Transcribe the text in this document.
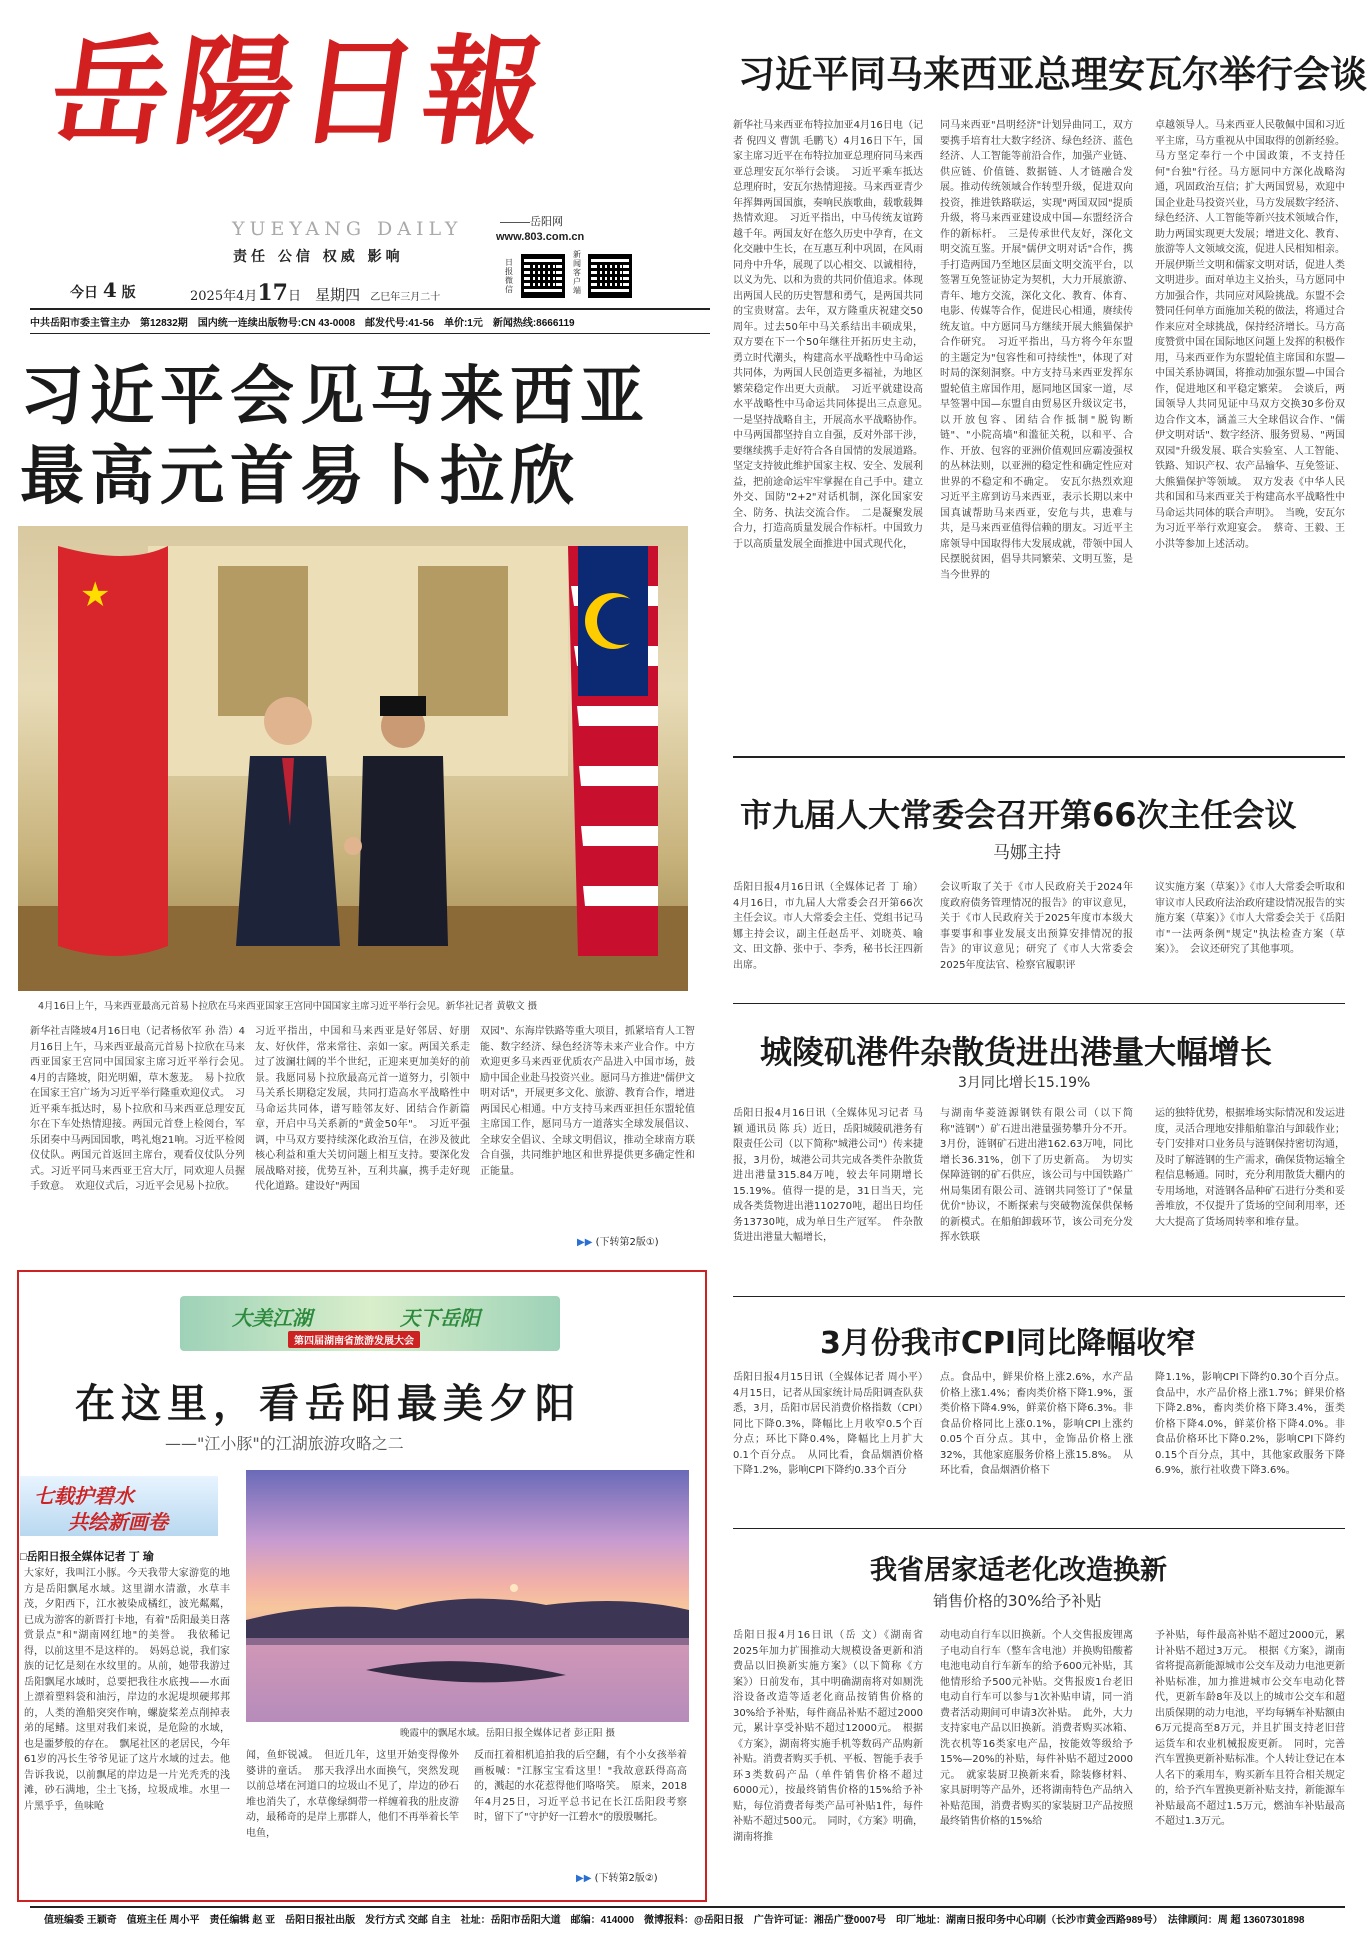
岳陽日報
YUEYANG DAILY
责任 公信 权威 影响
岳阳网
www.803.com.cn
日报微信
新闻客户端
今日 4 版	2025年4月17日 星期四 乙巳年三月二十
中共岳阳市委主管主办　第12832期　国内统一连续出版物号:CN 43-0008　邮发代号:41-56　单价:1元　新闻热线:8666119
习近平会见马来西亚
最高元首易卜拉欣
★
4月16日上午，马来西亚最高元首易卜拉欣在马来西亚国家王宫同中国国家主席习近平举行会见。新华社记者 黄敬文 摄
新华社吉隆坡4月16日电（记者杨依军 孙 浩）4月16日上午，马来西亚最高元首易卜拉欣在马来西亚国家王宫同中国国家主席习近平举行会见。　4月的吉隆坡，阳光明媚，草木葱茏。　易卜拉欣在国家王宫广场为习近平举行隆重欢迎仪式。　习近平乘车抵达时，易卜拉欣和马来西亚总理安瓦尔在下车处热情迎接。两国元首登上检阅台，军乐团奏中马两国国歌，鸣礼炮21响。习近平检阅仪仗队。两国元首返回主席台，观看仪仗队分列式。习近平同马来西亚王宫大厅，同欢迎人员握手致意。　欢迎仪式后，习近平会见易卜拉欣。
习近平指出，中国和马来西亚是好邻居、好朋友、好伙伴，常来常往、亲如一家。两国关系走过了波澜壮阔的半个世纪，正迎来更加美好的前景。我愿同易卜拉欣最高元首一道努力，引领中马关系长期稳定发展，共同打造高水平战略性中马命运共同体，谱写睦邻友好、团结合作新篇章，开启中马关系新的"黄金50年"。　习近平强调，中马双方要持续深化政治互信，在涉及彼此核心利益和重大关切问题上相互支持。要深化发展战略对接，优势互补，互利共赢，携手走好现代化道路。建设好"两国
双园"、东海岸铁路等重大项目，抓紧培育人工智能、数字经济、绿色经济等未来产业合作。中方欢迎更多马来西亚优质农产品进入中国市场，鼓励中国企业赴马投资兴业。愿同马方推进"儒伊文明对话"，开展更多文化、旅游、教育合作，增进两国民心相通。中方支持马来西亚担任东盟轮值主席国工作，愿同马方一道落实全球发展倡议、全球安全倡议、全球文明倡议，推动全球南方联合自强，共同维护地区和世界提供更多确定性和正能量。
▶▶ (下转第2版①)
大美江湖	天下岳阳
第四届湖南省旅游发展大会
在这里，看岳阳最美夕阳
——"江小豚"的江湖旅游攻略之二
七载护碧水
共绘新画卷
□岳阳日报全媒体记者 丁 瑜
晚霞中的飘尾水域。岳阳日报全媒体记者 彭正阳 摄
大家好，我叫江小豚。今天我带大家游览的地方是岳阳飘尾水域。这里湖水清澈，水草丰茂，夕阳西下，江水被染成橘红，波光粼粼，已成为游客的新晋打卡地，有着"岳阳最美日落赏景点"和"湖南网红地"的美誉。　我依稀记得，以前这里不是这样的。　妈妈总说，我们家族的记忆是刻在水纹里的。从前，她带我游过岳阳飘尾水域时，总要把我往水底拽——水面上漂着塑料袋和油污，岸边的水泥堤坝硬邦邦的，人类的渔船突突作响，螺旋桨差点削掉表弟的尾鳍。这里对我们来说，是危险的水域，也是噩梦般的存在。　飘尾社区的老居民，今年61岁的冯长生爷爷见证了这片水域的过去。他告诉我说，以前飘尾的岸边是一片光秃秃的浅滩，砂石满地，尘土飞扬，垃圾成堆。水里一片黑乎乎，鱼味呛
闻，鱼虾锐减。　但近几年，这里开始变得像外婆讲的童话。　那天我浮出水面换气，突然发现以前总堵在河道口的垃圾山不见了，岸边的砂石堆也消失了，水草像绿绸带一样缠着我的肚皮游动，最稀奇的是岸上那群人，他们不再举着长竿电鱼，
反而扛着相机追拍我的后空翻，有个小女孩举着画板喊："江豚宝宝看这里！"我故意跃得高高的，溅起的水花惹得他们咯咯笑。　原来，2018年4月25日，习近平总书记在长江岳阳段考察时，留下了"守护好一江碧水"的殷殷嘱托。
▶▶ (下转第2版②)
习近平同马来西亚总理安瓦尔举行会谈
新华社马来西亚布特拉加亚4月16日电（记者 倪四义 曹凯 毛鹏飞）4月16日下午，国家主席习近平在布特拉加亚总理府同马来西亚总理安瓦尔举行会谈。　习近平乘车抵达总理府时，安瓦尔热情迎接。马来西亚青少年挥舞两国国旗，奏响民族歌曲，载歌载舞热情欢迎。　习近平指出，中马传统友谊跨越千年。两国友好在悠久历史中孕育，在文化交融中生长，在互惠互利中巩固，在风雨同舟中升华，展现了以心相交、以诚相待，以义为先、以和为贵的共同价值追求。体现出两国人民的历史智慧和勇气，是两国共同的宝贵财富。去年，双方隆重庆祝建交50周年。过去50年中马关系结出丰硕成果，双方要在下一个50年继往开拓历史主动，勇立时代潮头，构建高水平战略性中马命运共同体，为两国人民创造更多福祉，为地区繁荣稳定作出更大贡献。　习近平就建设高水平战略性中马命运共同体提出三点意见。　一是坚持战略自主，开展高水平战略协作。中马两国都坚持自立自强，反对外部干涉，要继续携手走好符合各自国情的发展道路。坚定支持彼此维护国家主权、安全、发展利益，把前途命运牢牢掌握在自己手中。建立外交、国防"2+2"对话机制，深化国家安全、防务、执法交流合作。　二是凝聚发展合力，打造高质量发展合作标杆。中国致力于以高质量发展全面推进中国式现代化，
同马来西亚"昌明经济"计划异曲同工，双方要携手培育壮大数字经济、绿色经济、蓝色经济、人工智能等前沿合作，加强产业链、供应链、价值链、数据链、人才链融合发展。推动传统领域合作转型升级，促进双向投资，推进铁路联运，实现"两国双园"提质升级，将马来西亚建设成中国—东盟经济合作的新标杆。　三是传承世代友好，深化文明交流互鉴。开展"儒伊文明对话"合作，携手打造两国乃至地区层面文明交流平台，以签署互免签证协定为契机，大力开展旅游、青年、地方交流，深化文化、教育、体育、电影、传媒等合作，促进民心相通，赓续传统友谊。中方愿同马方继续开展大熊猫保护合作研究。　习近平指出，马方将今年东盟的主题定为"包容性和可持续性"，体现了对时局的深刻洞察。中方支持马来西亚发挥东盟轮值主席国作用，愿同地区国家一道，尽早签署中国—东盟自由贸易区升级议定书，以开放包容、团结合作抵制"脱钩断链"、"小院高墙"和滥征关税，以和平、合作、开放、包容的亚洲价值观回应霸凌强权的丛林法则，以亚洲的稳定性和确定性应对世界的不稳定和不确定。　安瓦尔热烈欢迎习近平主席到访马来西亚，表示长期以来中国真诚帮助马来西亚，安危与共，患难与共，是马来西亚值得信赖的朋友。习近平主席领导中国取得伟大发展成就，带领中国人民摆脱贫困，倡导共同繁荣、文明互鉴，是当今世界的
卓越领导人。马来西亚人民敬佩中国和习近平主席，马方重视从中国取得的创新经验。马方坚定奉行一个中国政策，不支持任何"台独"行径。马方愿同中方深化战略沟通，巩固政治互信；扩大两国贸易，欢迎中国企业赴马投资兴业，马方发展数字经济、绿色经济、人工智能等新兴技术领域合作，助力两国实现更大发展；增进文化、教育、旅游等人文领域交流，促进人民相知相亲。开展伊斯兰文明和儒家文明对话，促进人类文明进步。面对单边主义抬头，马方愿同中方加强合作，共同应对风险挑战。东盟不会赞同任何单方面施加关税的做法，将通过合作来应对全球挑战，保持经济增长。马方高度赞赏中国在国际地区问题上发挥的积极作用，马来西亚作为东盟轮值主席国和东盟—中国关系协调国，将推动加强东盟—中国合作，促进地区和平稳定繁荣。　会谈后，两国领导人共同见证中马双方交换30多份双边合作文本，涵盖三大全球倡议合作、"儒伊文明对话"、数字经济、服务贸易、"两国双园"升级发展、联合实验室、人工智能、铁路、知识产权、农产品输华、互免签证、大熊猫保护等领域。　双方发表《中华人民共和国和马来西亚关于构建高水平战略性中马命运共同体的联合声明》。　当晚，安瓦尔为习近平举行欢迎宴会。　蔡奇、王毅、王小洪等参加上述活动。
市九届人大常委会召开第66次主任会议
马娜主持
岳阳日报4月16日讯（全媒体记者 丁 瑜）4月16日，市九届人大常委会召开第66次主任会议。市人大常委会主任、党组书记马娜主持会议，副主任赵岳平、刘晓英、喻文、田文静、张中于、李秀，秘书长汪四新出席。
会议听取了关于《市人民政府关于2024年度政府债务管理情况的报告》的审议意见，关于《市人民政府关于2025年度市本级大事要事和事业发展支出预算安排情况的报告》的审议意见；研究了《市人大常委会2025年度法官、检察官履职评
议实施方案（草案）》《市人大常委会听取和审议市人民政府法治政府建设情况报告的实施方案（草案）》《市人大常委会关于《岳阳市"一法两条例"规定"执法检查方案（草案）》。　会议还研究了其他事项。
城陵矶港件杂散货进出港量大幅增长
3月同比增长15.19%
岳阳日报4月16日讯（全媒体见习记者 马 颖 通讯员 陈 兵）近日，岳阳城陵矶港务有限责任公司（以下简称"城港公司"）传来捷报，3月份，城港公司共完成各类件杂散货进出港量315.84万吨，较去年同期增长15.19%。值得一提的是，31日当天，完成各类货物进出港110270吨，超出日均任务13730吨，成为单日生产冠军。　件杂散货进出港量大幅增长，
与湖南华菱涟源钢铁有限公司（以下简称"涟钢"）矿石进出港量强势攀升分不开。3月份，涟钢矿石进出港162.63万吨，同比增长36.31%，创下了历史新高。　为切实保障涟钢的矿石供应，该公司与中国铁路广州局集团有限公司、涟钢共同签订了"保量优价"协议，不断探索与突破物流保供保畅的新模式。在船舶卸载环节，该公司充分发挥水铁联
运的独特优势，根据堆场实际情况和发运进度，灵活合理地安排船舶靠泊与卸载作业；专门安排对口业务员与涟钢保持密切沟通，及时了解涟钢的生产需求，确保货物运输全程信息畅通。同时，充分利用散货大棚内的专用场地，对涟钢各品种矿石进行分类和妥善堆放，不仅提升了货场的空间利用率，还大大提高了货场周转率和堆存量。
3月份我市CPI同比降幅收窄
岳阳日报4月15日讯（全媒体记者 周小平）4月15日，记者从国家统计局岳阳调查队获悉，3月，岳阳市居民消费价格指数（CPI）同比下降0.3%，降幅比上月收窄0.5个百分点；环比下降0.4%，降幅比上月扩大0.1个百分点。　从同比看，食品烟酒价格下降1.2%，影响CPI下降约0.33个百分
点。食品中，鲜果价格上涨2.6%，水产品价格上涨1.4%；畜肉类价格下降1.9%，蛋类价格下降4.9%，鲜菜价格下降6.3%。非食品价格同比上涨0.1%，影响CPI上涨约0.05个百分点。其中，金饰品价格上涨32%，其他家庭服务价格上涨15.8%。　从环比看，食品烟酒价格下
降1.1%，影响CPI下降约0.30个百分点。食品中，水产品价格上涨1.7%；鲜果价格下降2.8%，畜肉类价格下降3.4%，蛋类价格下降4.0%，鲜菜价格下降4.0%。非食品价格环比下降0.2%，影响CPI下降约0.15个百分点，其中，其他家政服务下降6.9%，旅行社收费下降3.6%。
我省居家适老化改造换新
销售价格的30%给予补贴
岳阳日报4月16日讯（岳 文）《湖南省2025年加力扩围推动大规模设备更新和消费品以旧换新实施方案》（以下简称《方案》）日前发布，其中明确湖南将对如厕洗浴设备改造等适老化商品按销售价格的30%给予补贴，每件商品补贴不超过2000元，累计享受补贴不超过12000元。　根据《方案》，湖南将实施手机等数码产品购新补贴。消费者购买手机、平板、智能手表手环3类数码产品（单件销售价格不超过6000元），按最终销售价格的15%给予补贴，每位消费者每类产品可补贴1件，每件补贴不超过500元。　同时，《方案》明确，湖南将推
动电动自行车以旧换新。个人交售报废锂离子电动自行车（整车含电池）并换购铅酸蓄电池电动自行车新车的给予600元补贴，其他情形给予500元补贴。交售报废1台老旧电动自行车可以参与1次补贴申请，同一消费者活动期间可申请3次补贴。　此外，大力支持家电产品以旧换新。消费者购买冰箱、洗衣机等16类家电产品，按能效等级给予15%—20%的补贴，每件补贴不超过2000元。　就家装厨卫换新来看，除装修材料、家具厨明等产品外，还将湖南特色产品纳入补贴范围，消费者购买的家装厨卫产品按照最终销售价格的15%给
予补贴，每件最高补贴不超过2000元，累计补贴不超过3万元。　根据《方案》，湖南省将提高新能源城市公交车及动力电池更新补贴标准，加力推进城市公交车电动化替代，更新车龄8年及以上的城市公交车和超出质保期的动力电池，平均每辆车补贴额由6万元提高至8万元，并且扩围支持老旧营运货车和农业机械报废更新。　同时，完善汽车置换更新补贴标准。个人转让登记在本人名下的乘用车，购买新车且符合相关规定的，给予汽车置换更新补贴支持，新能源车补贴最高不超过1.5万元，燃油车补贴最高不超过1.3万元。
值班编委 王颖奇　值班主任 周小平　责任编辑 赵 亚　岳阳日报社出版　发行方式 交邮 自主　社址：岳阳市岳阳大道　邮编：414000　微博报料：@岳阳日报　广告许可证：湘岳广登0007号　印厂地址：湖南日报印务中心印刷（长沙市黄金西路989号）　法律顾问：周 超 13607301898
